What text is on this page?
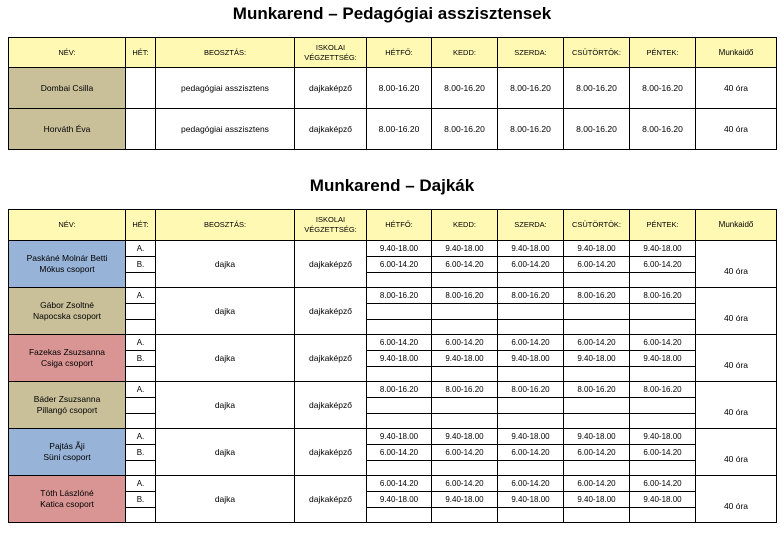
Munkarend – Pedagógiai asszisztensek
NÉV:	HÉT:	BEOSZTÁS:	ISKOLAI VÉGZETTSÉG:	HÉTFŐ:	KEDD:	SZERDA:	CSÜTÖRTÖK:	PÉNTEK:	Munkaidő
Dombai Csilla		pedagógiai asszisztens	dajkaképző	8.00-16.20	8.00-16.20	8.00-16.20	8.00-16.20	8.00-16.20	40 óra
Horváth Éva		pedagógiai asszisztens	dajkaképző	8.00-16.20	8.00-16.20	8.00-16.20	8.00-16.20	8.00-16.20	40 óra
Munkarend – Dajkák
NÉV:	HÉT:	BEOSZTÁS:	ISKOLAI VÉGZETTSÉG:	HÉTFŐ:	KEDD:	SZERDA:	CSÜTÖRTÖK:	PÉNTEK:	Munkaidő

Paskáné Molnár Betti
Mókus csoport	A.	dajka	dajkaképző	9.40-18.00	9.40-18.00	9.40-18.00	9.40-18.00	9.40-18.00	40 óra
	B.			6.00-14.20	6.00-14.20	6.00-14.20	6.00-14.20	6.00-14.20	

Gábor Zsoltné
Napocska csoport	A.	dajka	dajkaképző	8.00-16.20	8.00-16.20	8.00-16.20	8.00-16.20	8.00-16.20	40 óra

Fazekas Zsuzsanna
Csiga csoport	A.	dajka	dajkaképző	6.00-14.20	6.00-14.20	6.00-14.20	6.00-14.20	6.00-14.20	40 óra
	B.			9.40-18.00	9.40-18.00	9.40-18.00	9.40-18.00	9.40-18.00	

Báder Zsuzsanna
Pillangó csoport	A.	dajka	dajkaképző	8.00-16.20	8.00-16.20	8.00-16.20	8.00-16.20	8.00-16.20	40 óra

Pajtás Á̃ji
Süni csoport	A.	dajka	dajkaképző	9.40-18.00	9.40-18.00	9.40-18.00	9.40-18.00	9.40-18.00	40 óra
	B.			6.00-14.20	6.00-14.20	6.00-14.20	6.00-14.20	6.00-14.20	

Tóth Lászlóné
Katica csoport	A.	dajka	dajkaképző	6.00-14.20	6.00-14.20	6.00-14.20	6.00-14.20	6.00-14.20	40 óra
	B.			9.40-18.00	9.40-18.00	9.40-18.00	9.40-18.00	9.40-18.00	
